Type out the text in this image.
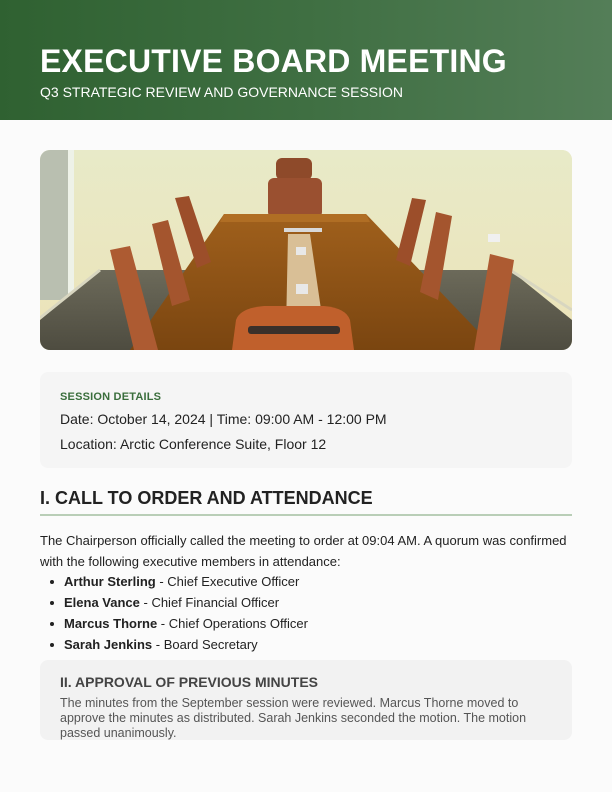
EXECUTIVE BOARD MEETING
Q3 STRATEGIC REVIEW AND GOVERNANCE SESSION
SESSION DETAILS
Date: October 14, 2024 | Time: 09:00 AM - 12:00 PM
Location: Arctic Conference Suite, Floor 12
I. CALL TO ORDER AND ATTENDANCE
The Chairperson officially called the meeting to order at 09:04 AM. A quorum was confirmed with the following executive members in attendance:
Arthur Sterling - Chief Executive Officer
Elena Vance - Chief Financial Officer
Marcus Thorne - Chief Operations Officer
Sarah Jenkins - Board Secretary
II. APPROVAL OF PREVIOUS MINUTES

The minutes from the September session were reviewed. Marcus Thorne moved to approve the minutes as distributed. Sarah Jenkins seconded the motion. The motion passed unanimously.
